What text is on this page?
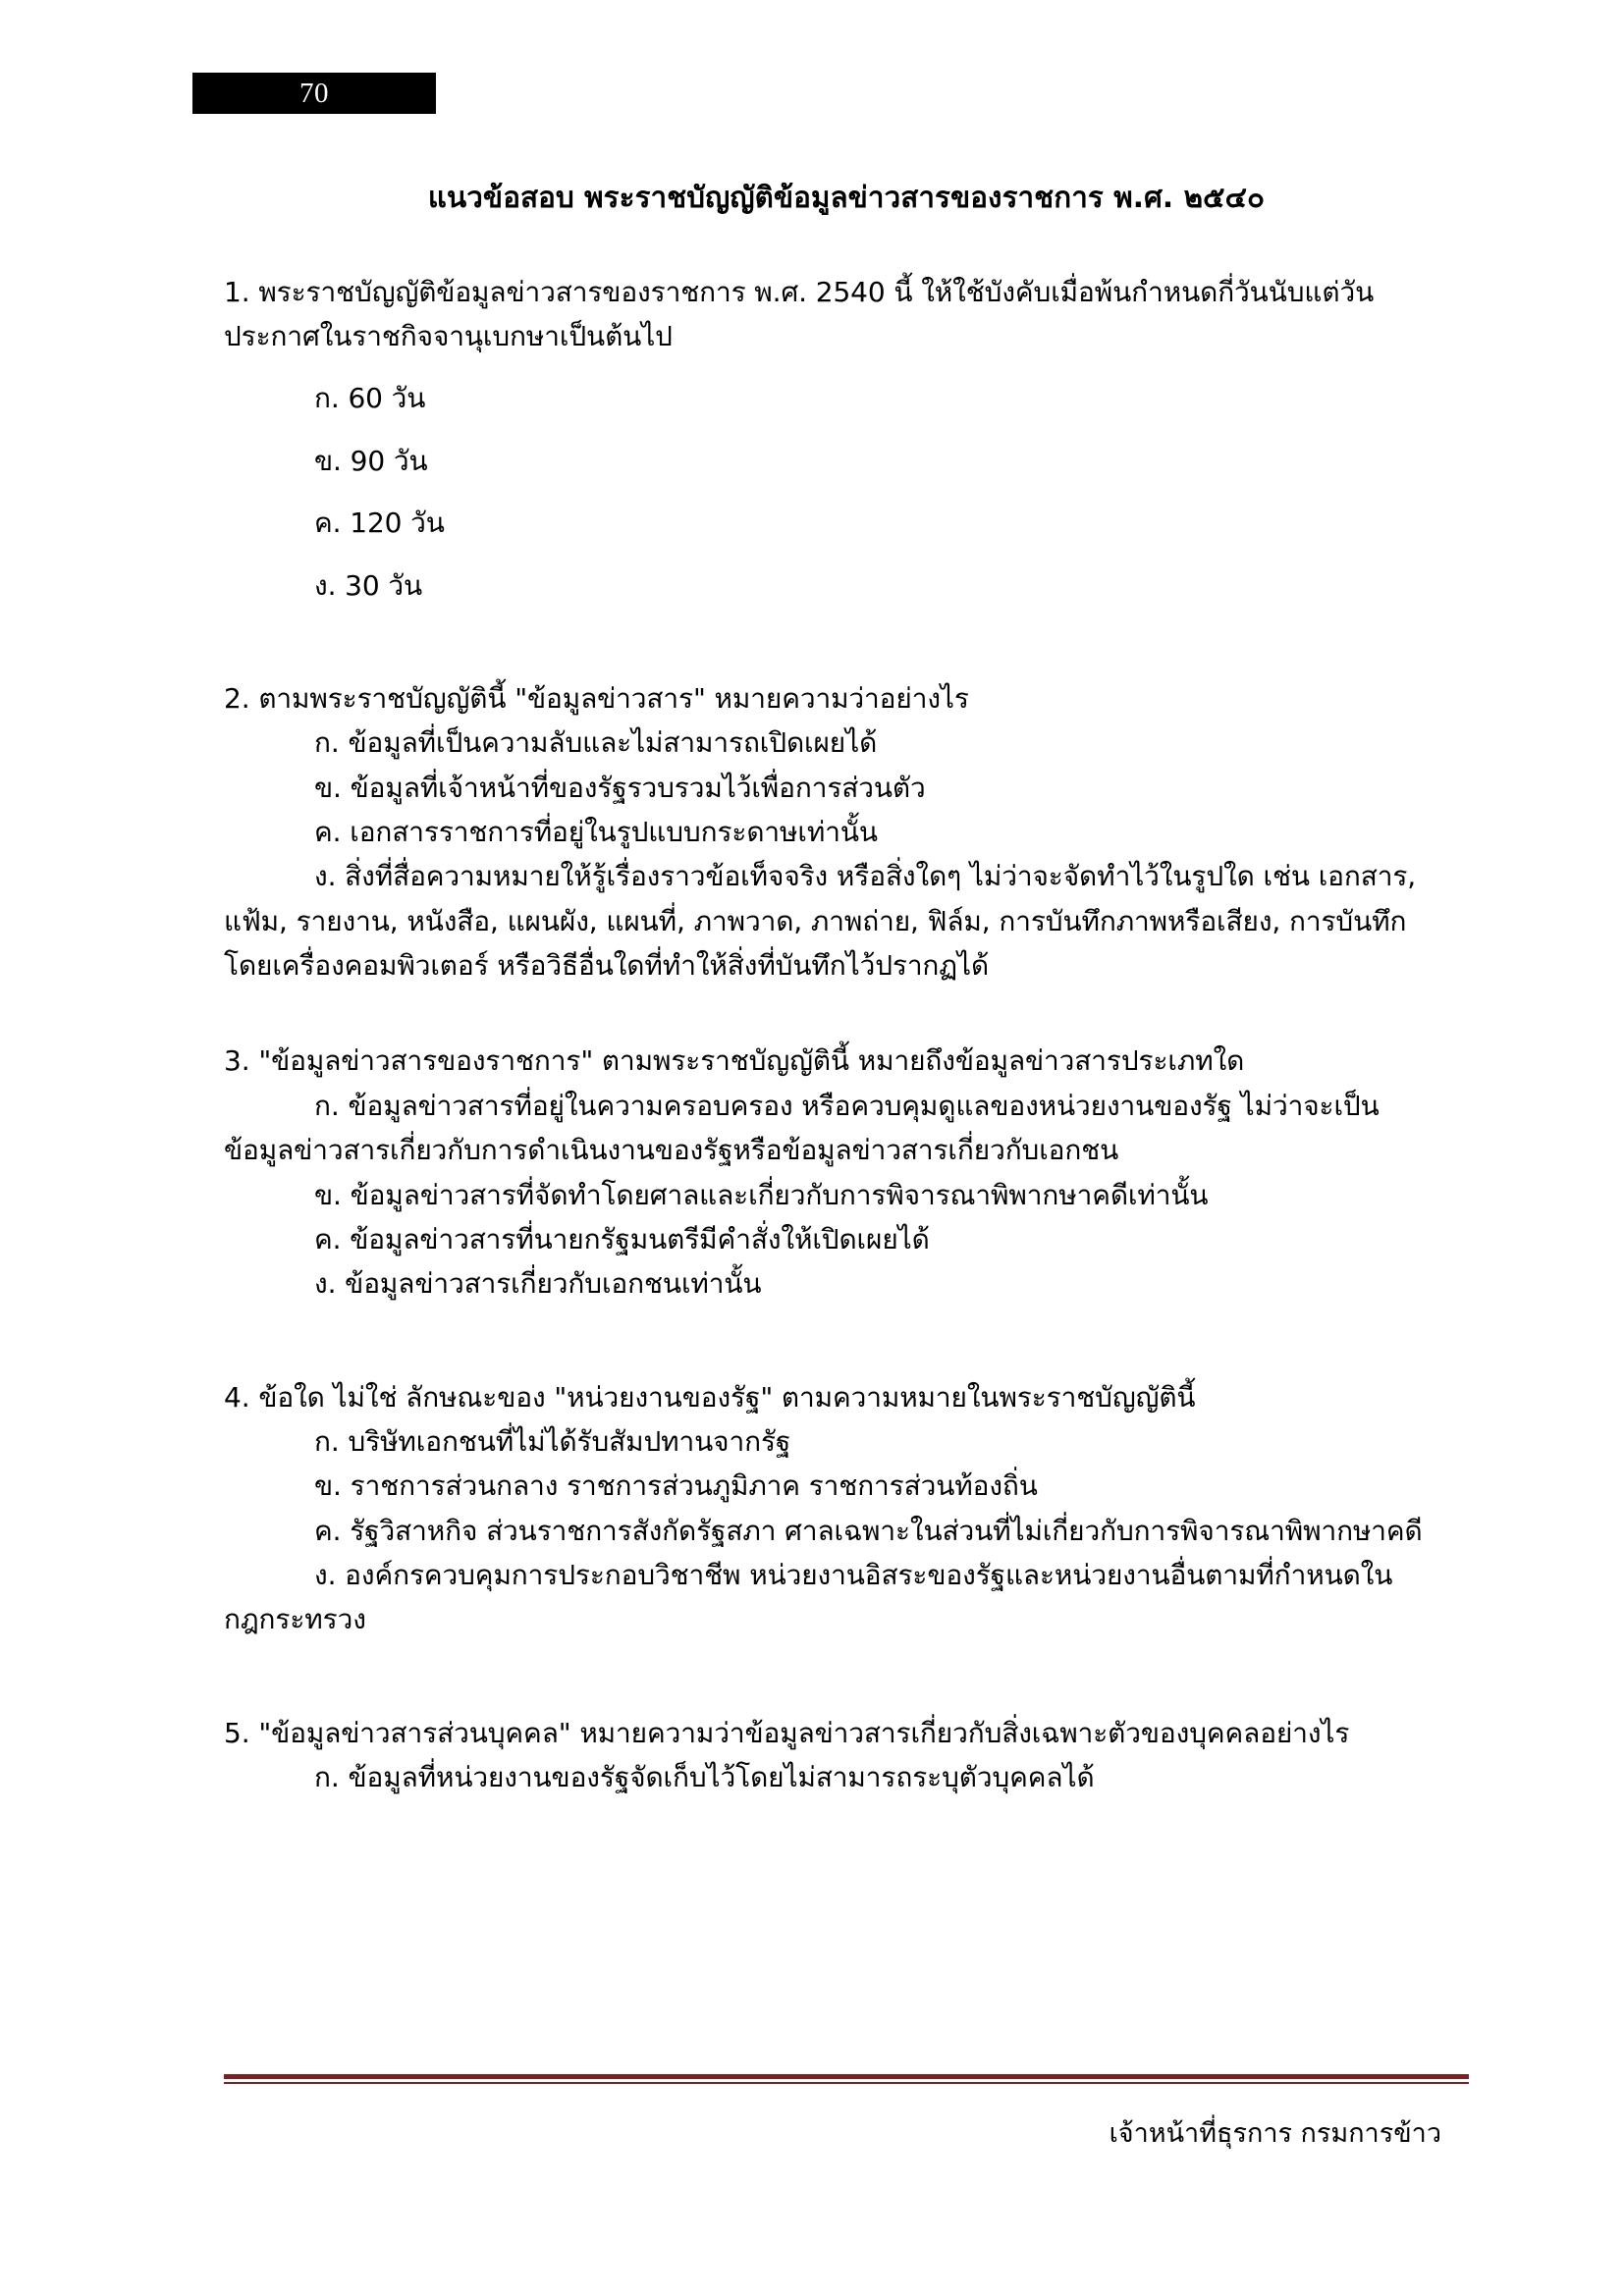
70
แนวข้อสอบ พระราชบัญญัติข้อมูลข่าวสารของราชการ พ.ศ. ๒๕๔๐

1. พระราชบัญญัติข้อมูลข่าวสารของราชการ พ.ศ. 2540 นี้ ให้ใช้บังคับเมื่อพ้นกำหนดกี่วันนับแต่วัน

ประกาศในราชกิจจานุเบกษาเป็นต้นไป

ก. 60 วัน

ข. 90 วัน

ค. 120 วัน

ง. 30 วัน

2. ตามพระราชบัญญัตินี้ "ข้อมูลข่าวสาร" หมายความว่าอย่างไร

ก. ข้อมูลที่เป็นความลับและไม่สามารถเปิดเผยได้

ข. ข้อมูลที่เจ้าหน้าที่ของรัฐรวบรวมไว้เพื่อการส่วนตัว

ค. เอกสารราชการที่อยู่ในรูปแบบกระดาษเท่านั้น

ง. สิ่งที่สื่อความหมายให้รู้เรื่องราวข้อเท็จจริง หรือสิ่งใดๆ ไม่ว่าจะจัดทำไว้ในรูปใด เช่น เอกสาร,

แฟ้ม, รายงาน, หนังสือ, แผนผัง, แผนที่, ภาพวาด, ภาพถ่าย, ฟิล์ม, การบันทึกภาพหรือเสียง, การบันทึก

โดยเครื่องคอมพิวเตอร์ หรือวิธีอื่นใดที่ทำให้สิ่งที่บันทึกไว้ปรากฏได้

3. "ข้อมูลข่าวสารของราชการ" ตามพระราชบัญญัตินี้ หมายถึงข้อมูลข่าวสารประเภทใด

ก. ข้อมูลข่าวสารที่อยู่ในความครอบครอง หรือควบคุมดูแลของหน่วยงานของรัฐ ไม่ว่าจะเป็น

ข้อมูลข่าวสารเกี่ยวกับการดำเนินงานของรัฐหรือข้อมูลข่าวสารเกี่ยวกับเอกชน

ข. ข้อมูลข่าวสารที่จัดทำโดยศาลและเกี่ยวกับการพิจารณาพิพากษาคดีเท่านั้น

ค. ข้อมูลข่าวสารที่นายกรัฐมนตรีมีคำสั่งให้เปิดเผยได้

ง. ข้อมูลข่าวสารเกี่ยวกับเอกชนเท่านั้น

4. ข้อใด ไม่ใช่ ลักษณะของ "หน่วยงานของรัฐ" ตามความหมายในพระราชบัญญัตินี้

ก. บริษัทเอกชนที่ไม่ได้รับสัมปทานจากรัฐ

ข. ราชการส่วนกลาง ราชการส่วนภูมิภาค ราชการส่วนท้องถิ่น

ค. รัฐวิสาหกิจ ส่วนราชการสังกัดรัฐสภา ศาลเฉพาะในส่วนที่ไม่เกี่ยวกับการพิจารณาพิพากษาคดี

ง. องค์กรควบคุมการประกอบวิชาชีพ หน่วยงานอิสระของรัฐและหน่วยงานอื่นตามที่กำหนดใน

กฎกระทรวง

5. "ข้อมูลข่าวสารส่วนบุคคล" หมายความว่าข้อมูลข่าวสารเกี่ยวกับสิ่งเฉพาะตัวของบุคคลอย่างไร

ก. ข้อมูลที่หน่วยงานของรัฐจัดเก็บไว้โดยไม่สามารถระบุตัวบุคคลได้

เจ้าหน้าที่ธุรการ กรมการข้าว
